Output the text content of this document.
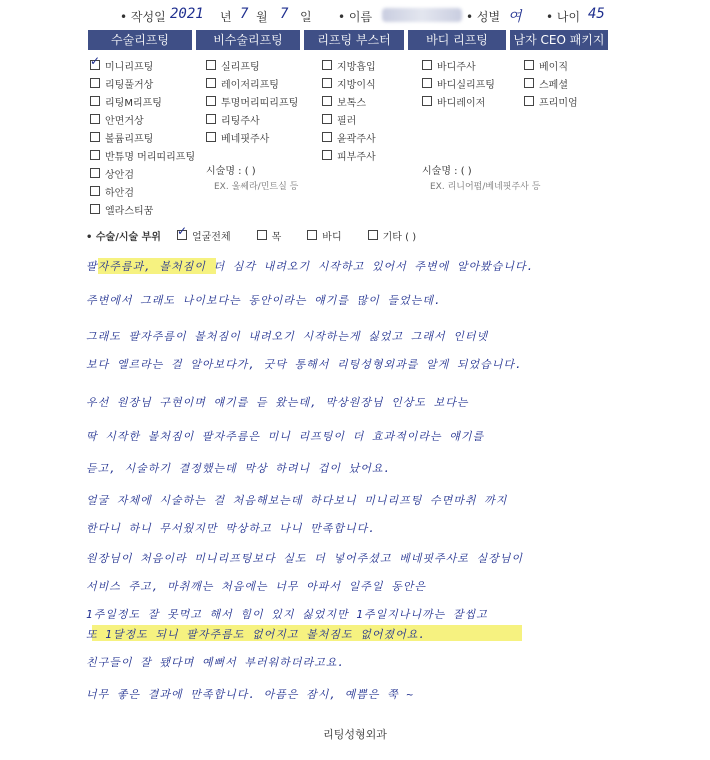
• 작성일 2021 년 7 월 7 일 • 이름	• 성별 여 • 나이 45
수술리프팅	비수술리프팅	리프팅 부스터	바디 리프팅	남자 CEO 패키지
✓
미니리프팅
리팅풀거상
리팅M리프팅
안면거상
볼륨리프팅
반튜명 머리띠리프팅
상안검
하안검
엘라스티꿈
실리프팅
레이저리프팅
투명머리띠리프팅
리팅주사
베네핏주사
시술명 : ( )
EX. 울쎄라/민트실 등
지방흡입
지방이식
보톡스
필러
윤곽주사
피부주사
바디주사
바디실리프팅
바디레이저
시술명 : ( )
EX. 리니어펌/베네핏주사 등
베이직
스페셜
프리미엄
• 수술/시술 부위
✓	얼굴전체	목	바디	기타 ( )
팔자주름과, 볼처짐이 더 심각 내려오기 시작하고 있어서 주변에 알아봤습니다.
주변에서 그래도 나이보다는 동안이라는 얘기를 많이 들었는데.
그래도 팔자주름이 볼처짐이 내려오기 시작하는게 싫었고 그래서 인터넷
보다 엘르라는 걸 알아보다가, 굿닥 통해서 리팅성형외과를 알게 되었습니다.
우선 원장님 구현이며 얘기를 듣 왔는데, 막상원장님 인상도 보다는
딱 시작한 볼처짐이 팔자주름은 미니 리프팅이 더 효과적이라는 얘기를
듣고, 시술하기 결정했는데 막상 하려니 겁이 났어요.
얼굴 자체에 시술하는 걸 처음해보는데 하다보니 미니리프팅 수면마취 까지
한다니 하니 무서웠지만 막상하고 나니 만족합니다.
원장님이 처음이라 미니리프팅보다 실도 더 넣어주셨고 베네핏주사로 실장님이
서비스 주고, 마취깨는 처음에는 너무 아파서 일주일 동안은
1주일정도 잘 못먹고 해서 힘이 있지 싫었지만 1주일지나니까는 잘씹고
또 1달정도 되니 팔자주름도 없어지고 볼처짐도 없어졌어요.
친구들이 잘 됐다며 예뻐서 부러워하더라고요.
너무 좋은 결과에 만족합니다. 아픔은 잠시, 예쁨은 쭉 ~
리팅성형외과
